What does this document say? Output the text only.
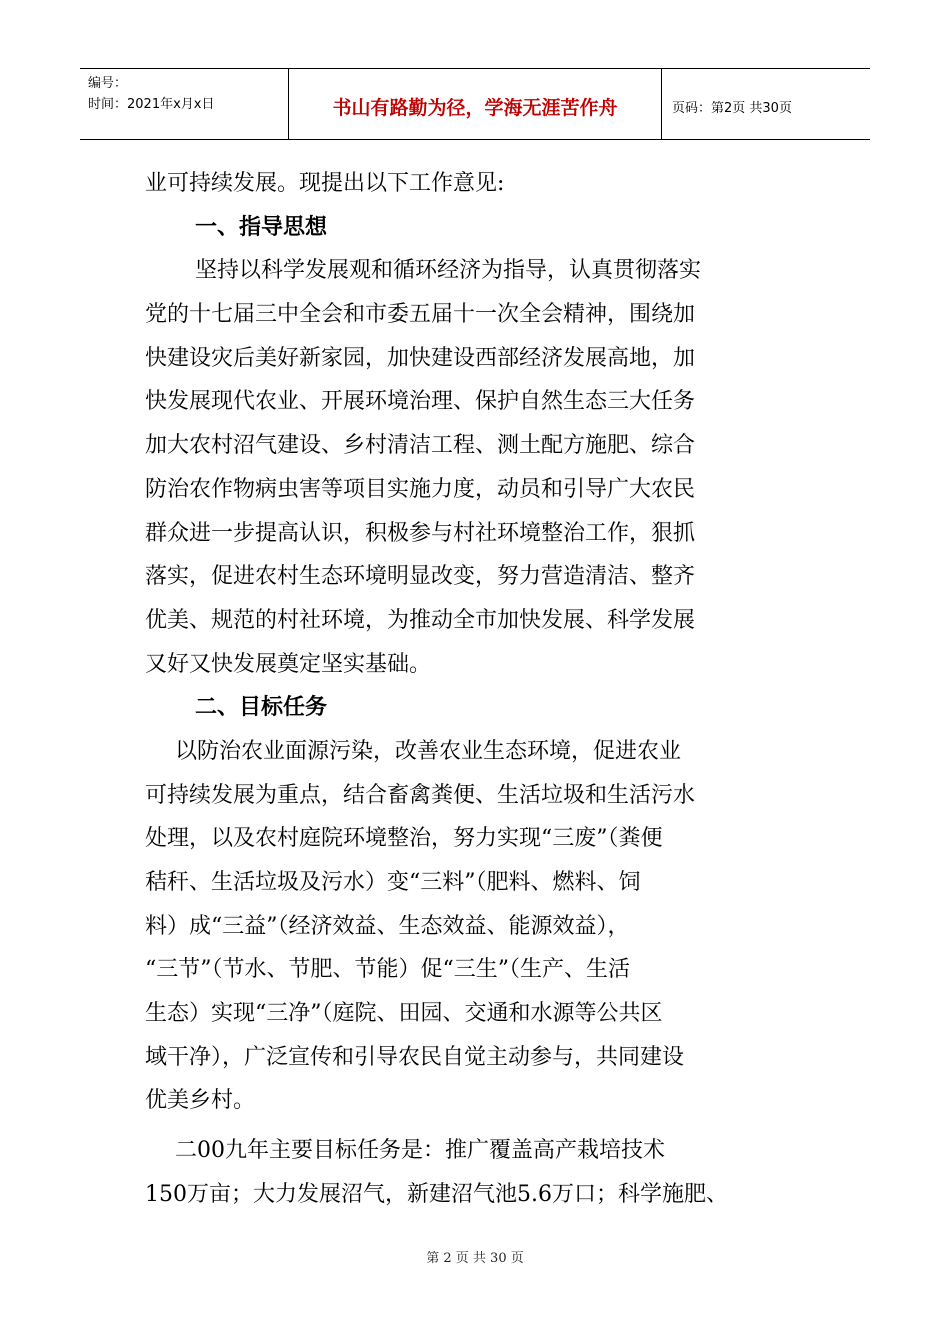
编号：
时间：2021年x月x日	书山有路勤为径，学海无涯苦作舟	页码：第2页 共30页
业可持续发展。现提出以下工作意见:
一、指导思想
坚持以科学发展观和循环经济为指导，认真贯彻落实
党的十七届三中全会和市委五届十一次全会精神，围绕加
快建设灾后美好新家园，加快建设西部经济发展高地，加
快发展现代农业、开展环境治理、保护自然生态三大任务
加大农村沼气建设、乡村清洁工程、测土配方施肥、综合
防治农作物病虫害等项目实施力度，动员和引导广大农民
群众进一步提高认识，积极参与村社环境整治工作，狠抓
落实，促进农村生态环境明显改变，努力营造清洁、整齐
优美、规范的村社环境，为推动全市加快发展、科学发展
又好又快发展奠定坚实基础。
二、目标任务
以防治农业面源污染，改善农业生态环境，促进农业
可持续发展为重点，结合畜禽粪便、生活垃圾和生活污水
处理，以及农村庭院环境整治，努力实现“三废”（粪便
秸秆、生活垃圾及污水）变“三料”（肥料、燃料、饲
料）成“三益”（经济效益、生态效益、能源效益），
“三节”（节水、节肥、节能）促“三生”（生产、生活
生态）实现“三净”（庭院、田园、交通和水源等公共区
域干净），广泛宣传和引导农民自觉主动参与，共同建设
优美乡村。
二00九年主要目标任务是：推广覆盖高产栽培技术
150万亩；大力发展沼气，新建沼气池5.6万口；科学施肥、
第 2 页 共 30 页
